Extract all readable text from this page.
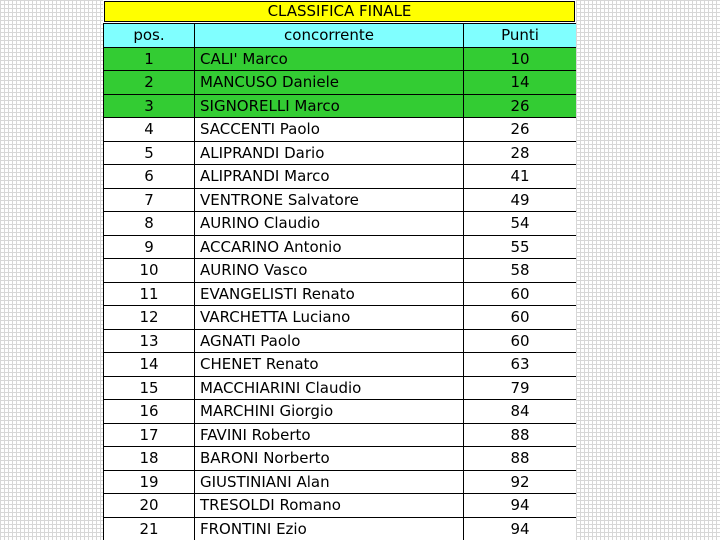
CLASSIFICA FINALE
pos.	concorrente	Punti
1	CALI' Marco	10
2	MANCUSO Daniele	14
3	SIGNORELLI Marco	26
4	SACCENTI Paolo	26
5	ALIPRANDI Dario	28
6	ALIPRANDI Marco	41
7	VENTRONE Salvatore	49
8	AURINO Claudio	54
9	ACCARINO Antonio	55
10	AURINO Vasco	58
11	EVANGELISTI Renato	60
12	VARCHETTA Luciano	60
13	AGNATI Paolo	60
14	CHENET Renato	63
15	MACCHIARINI Claudio	79
16	MARCHINI Giorgio	84
17	FAVINI Roberto	88
18	BARONI Norberto	88
19	GIUSTINIANI Alan	92
20	TRESOLDI Romano	94
21	FRONTINI Ezio	94
